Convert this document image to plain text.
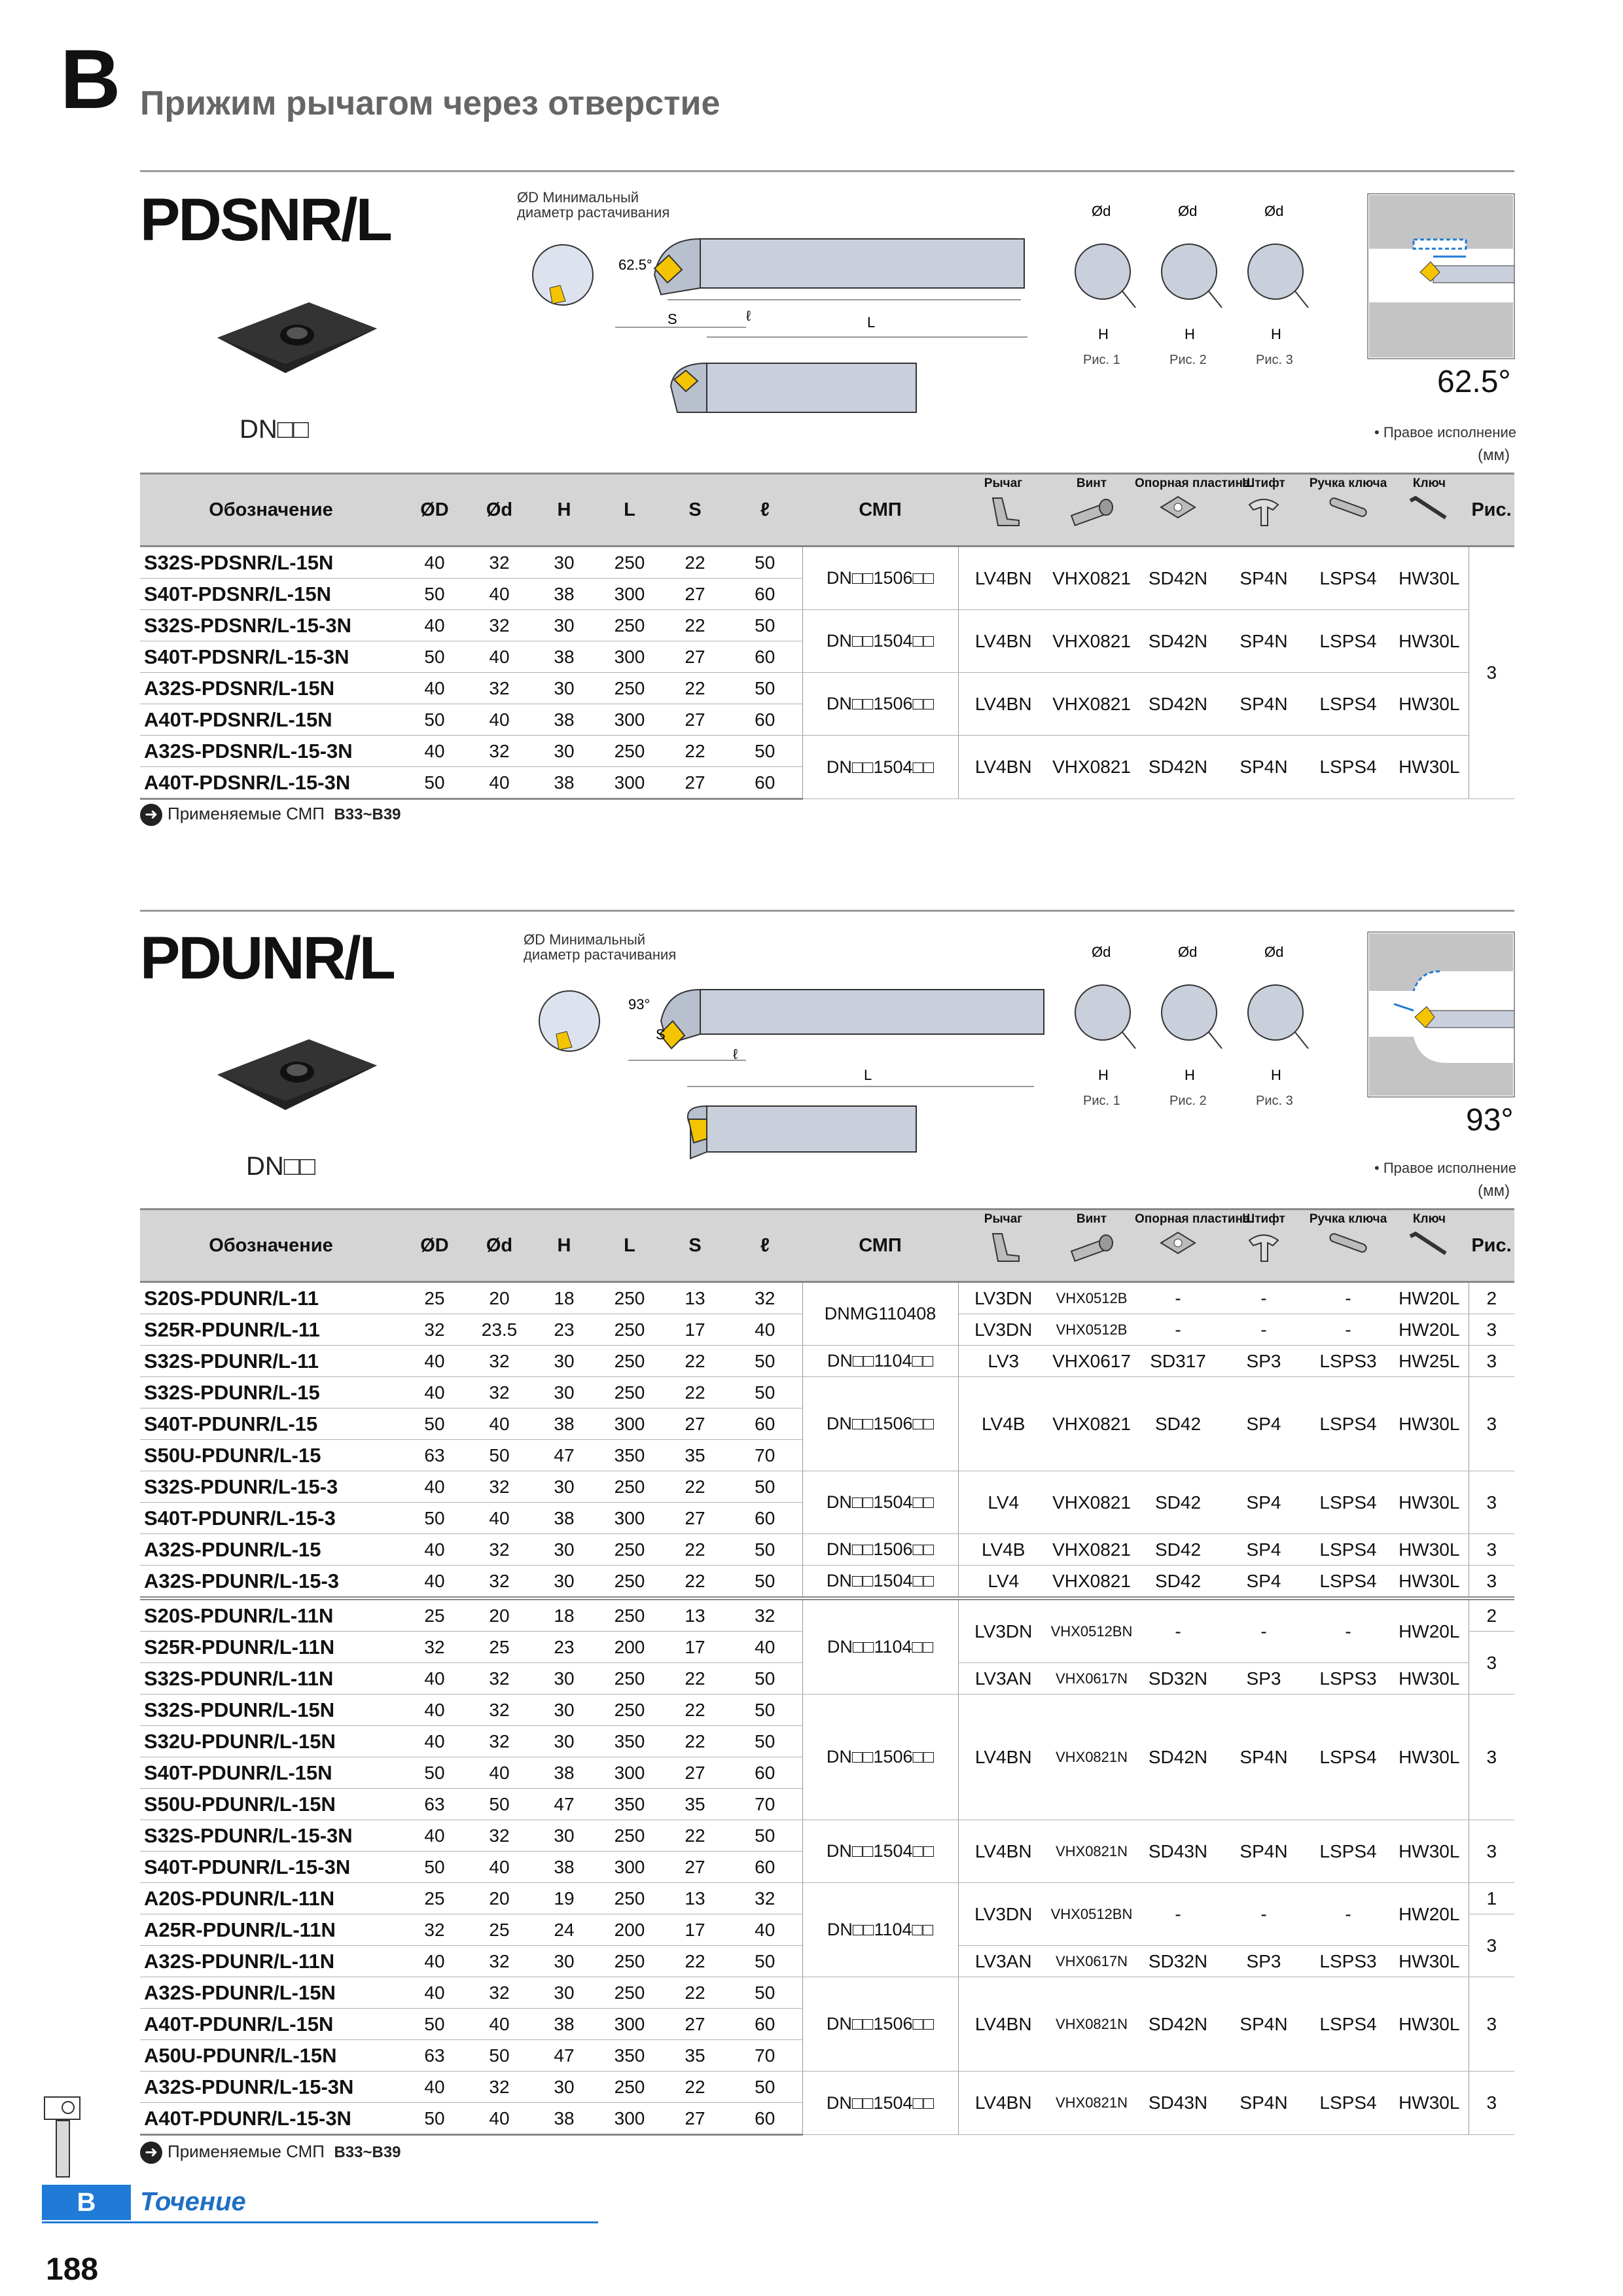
B Прижим рычагом через отверстие
PDSNR/L
DN□□
ØD Минимальный диаметр растачивания
62.5°
S	ℓ	L
Ød	Ød	Ød
H	H	H
Рис. 1	Рис. 2	Рис. 3
62.5°
• Правое исполнение
(мм)
Обозначение	ØD	Ød	H	L	S	ℓ	СМП	Рычаг	Винт	Опорная пластина	Штифт	Ручка ключа	Ключ	Рис.
S32S-PDSNR/L-15N	40	32	30	250	22	50	DN□□1506□□	LV4BN	VHX0821	SD42N	SP4N	LSPS4	HW30L	3
S40T-PDSNR/L-15N	50	40	38	300	27	60								
S32S-PDSNR/L-15-3N	40	32	30	250	22	50	DN□□1504□□	LV4BN	VHX0821	SD42N	SP4N	LSPS4	HW30L	
S40T-PDSNR/L-15-3N	50	40	38	300	27	60								
A32S-PDSNR/L-15N	40	32	30	250	22	50	DN□□1506□□	LV4BN	VHX0821	SD42N	SP4N	LSPS4	HW30L	
A40T-PDSNR/L-15N	50	40	38	300	27	60								
A32S-PDSNR/L-15-3N	40	32	30	250	22	50	DN□□1504□□	LV4BN	VHX0821	SD42N	SP4N	LSPS4	HW30L	
A40T-PDSNR/L-15-3N	50	40	38	300	27	60								
➜ Применяемые СМП B33~B39
PDUNR/L
DN□□
ØD Минимальный диаметр растачивания
93°
S
ℓ
L
Ød	Ød	Ød
H	H	H
Рис. 1	Рис. 2	Рис. 3
93°
• Правое исполнение
(мм)
Обозначение	ØD	Ød	H	L	S	ℓ	СМП	Рычаг	Винт	Опорная пластина	Штифт	Ручка ключа	Ключ	Рис.
S20S-PDUNR/L-11	25	20	18	250	13	32	DNMG110408	LV3DN	VHX0512B	-	-	-	HW20L	2
S25R-PDUNR/L-11	32	23.5	23	250	17	40		LV3DN	VHX0512B	-	-	-	HW20L	3
S32S-PDUNR/L-11	40	32	30	250	22	50	DN□□1104□□	LV3	VHX0617	SD317	SP3	LSPS3	HW25L	3
S32S-PDUNR/L-15	40	32	30	250	22	50	DN□□1506□□	LV4B	VHX0821	SD42	SP4	LSPS4	HW30L	3
S40T-PDUNR/L-15	50	40	38	300	27	60								
S50U-PDUNR/L-15	63	50	47	350	35	70								
S32S-PDUNR/L-15-3	40	32	30	250	22	50	DN□□1504□□	LV4	VHX0821	SD42	SP4	LSPS4	HW30L	3
S40T-PDUNR/L-15-3	50	40	38	300	27	60								
A32S-PDUNR/L-15	40	32	30	250	22	50	DN□□1506□□	LV4B	VHX0821	SD42	SP4	LSPS4	HW30L	3
A32S-PDUNR/L-15-3	40	32	30	250	22	50	DN□□1504□□	LV4	VHX0821	SD42	SP4	LSPS4	HW30L	3
S20S-PDUNR/L-11N	25	20	18	250	13	32	DN□□1104□□	LV3DN	VHX0512BN	-	-	-	HW20L	2
S25R-PDUNR/L-11N	32	25	23	200	17	40								3
S32S-PDUNR/L-11N	40	32	30	250	22	50		LV3AN	VHX0617N	SD32N	SP3	LSPS3	HW30L	
S32S-PDUNR/L-15N	40	32	30	250	22	50	DN□□1506□□	LV4BN	VHX0821N	SD42N	SP4N	LSPS4	HW30L	3
S32U-PDUNR/L-15N	40	32	30	350	22	50								
S40T-PDUNR/L-15N	50	40	38	300	27	60								
S50U-PDUNR/L-15N	63	50	47	350	35	70								
S32S-PDUNR/L-15-3N	40	32	30	250	22	50	DN□□1504□□	LV4BN	VHX0821N	SD43N	SP4N	LSPS4	HW30L	3
S40T-PDUNR/L-15-3N	50	40	38	300	27	60								
A20S-PDUNR/L-11N	25	20	19	250	13	32	DN□□1104□□	LV3DN	VHX0512BN	-	-	-	HW20L	1
A25R-PDUNR/L-11N	32	25	24	200	17	40								3
A32S-PDUNR/L-11N	40	32	30	250	22	50		LV3AN	VHX0617N	SD32N	SP3	LSPS3	HW30L	
A32S-PDUNR/L-15N	40	32	30	250	22	50	DN□□1506□□	LV4BN	VHX0821N	SD42N	SP4N	LSPS4	HW30L	3
A40T-PDUNR/L-15N	50	40	38	300	27	60								
A50U-PDUNR/L-15N	63	50	47	350	35	70								
A32S-PDUNR/L-15-3N	40	32	30	250	22	50	DN□□1504□□	LV4BN	VHX0821N	SD43N	SP4N	LSPS4	HW30L	3
A40T-PDUNR/L-15-3N	50	40	38	300	27	60								
➜ Применяемые СМП B33~B39
B	Точение
188
